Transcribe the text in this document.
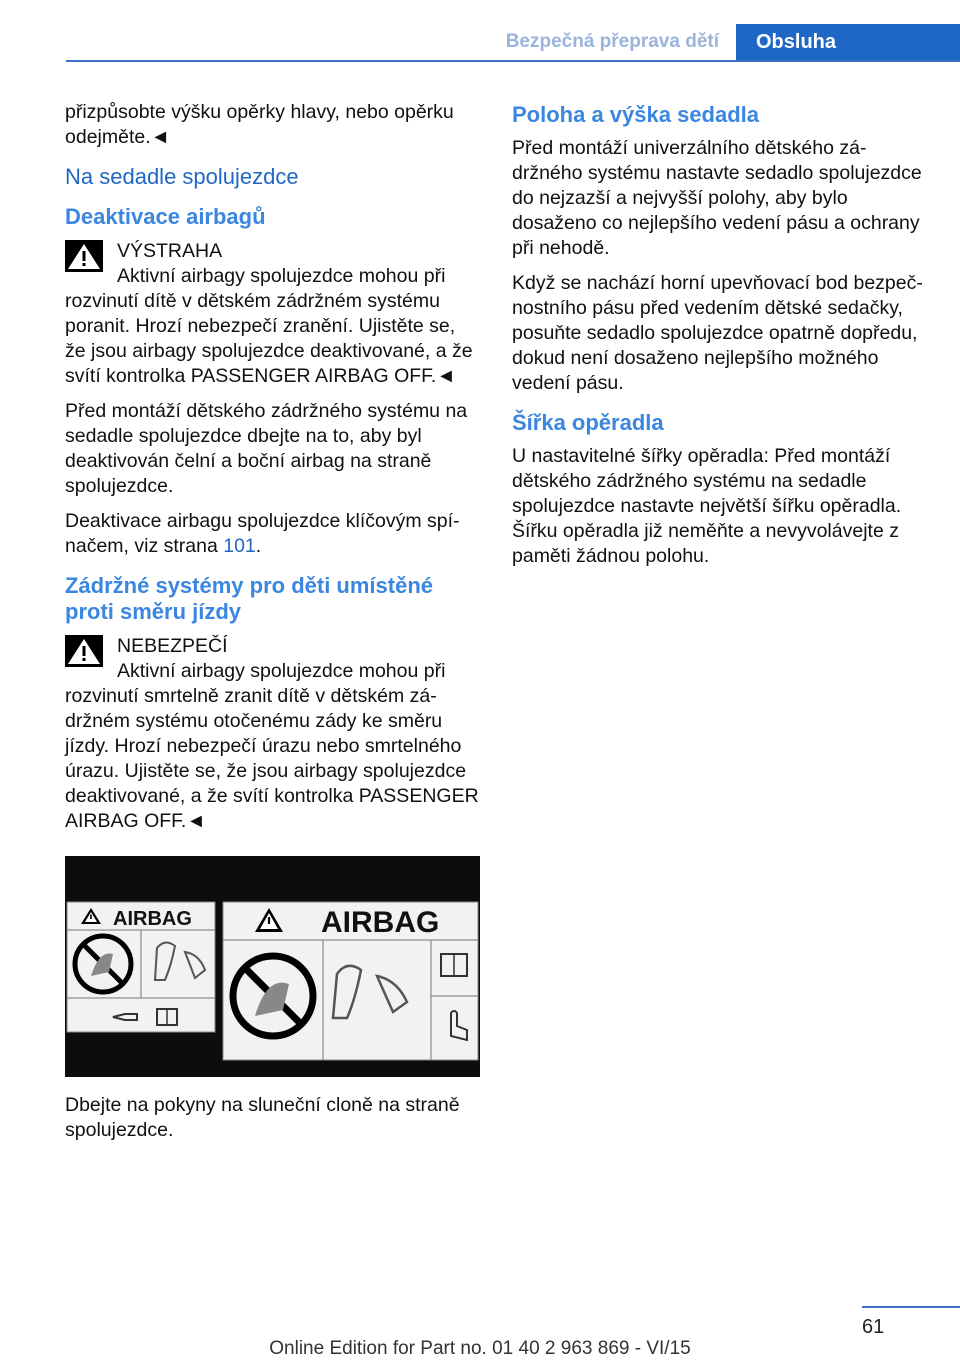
Bezpečná přeprava dětí	Obsluha

přizpůsobte výšku opěrky hlavy, nebo opěrku odejměte.◄

Na sedadle spolujezdce
Deaktivace airbagů
VÝSTRAHA

Aktivní airbagy spolujezdce mohou při rozvinutí dítě v dětském zádržném systému poranit. Hrozí nebezpečí zranění. Ujistěte se, že jsou airbagy spolujezdce deaktivované, a že svítí kontrolka PASSENGER AIRBAG OFF.◄

Před montáží dětského zádržného systému na sedadle spolujezdce dbejte na to, aby byl deaktivován čelní a boční airbag na straně spolujezdce.

Deaktivace airbagu spolujezdce klíčovým spínačem, viz strana 101.

Zádržné systémy pro děti umístěné proti směru jízdy
NEBEZPEČÍ

Aktivní airbagy spolujezdce mohou při rozvinutí smrtelně zranit dítě v dětském zádržném systému otočenému zády ke směru jízdy. Hrozí nebezpečí úrazu nebo smrtelného úrazu. Ujistěte se, že jsou airbagy spolujezdce deaktivované, a že svítí kontrolka PASSENGER AIRBAG OFF.◄

AIRBAG	AIRBAG

Dbejte na pokyny na sluneční cloně na straně spolujezdce.

Poloha a výška sedadla

Před montáží univerzálního dětského zádržného systému nastavte sedadlo spolujezdce do nejzazší a nejvyšší polohy, aby bylo dosaženo co nejlepšího vedení pásu a ochrany při nehodě.

Když se nachází horní upevňovací bod bezpečnostního pásu před vedením dětské sedačky, posuňte sedadlo spolujezdce opatrně dopředu, dokud není dosaženo nejlepšího možného vedení pásu.

Šířka opěradla

U nastavitelné šířky opěradla: Před montáží dětského zádržného systému na sedadle spolujezdce nastavte největší šířku opěradla. Šířku opěradla již neměňte a nevyvolávejte z paměti žádnou polohu.

61
Online Edition for Part no. 01 40 2 963 869 - VI/15
